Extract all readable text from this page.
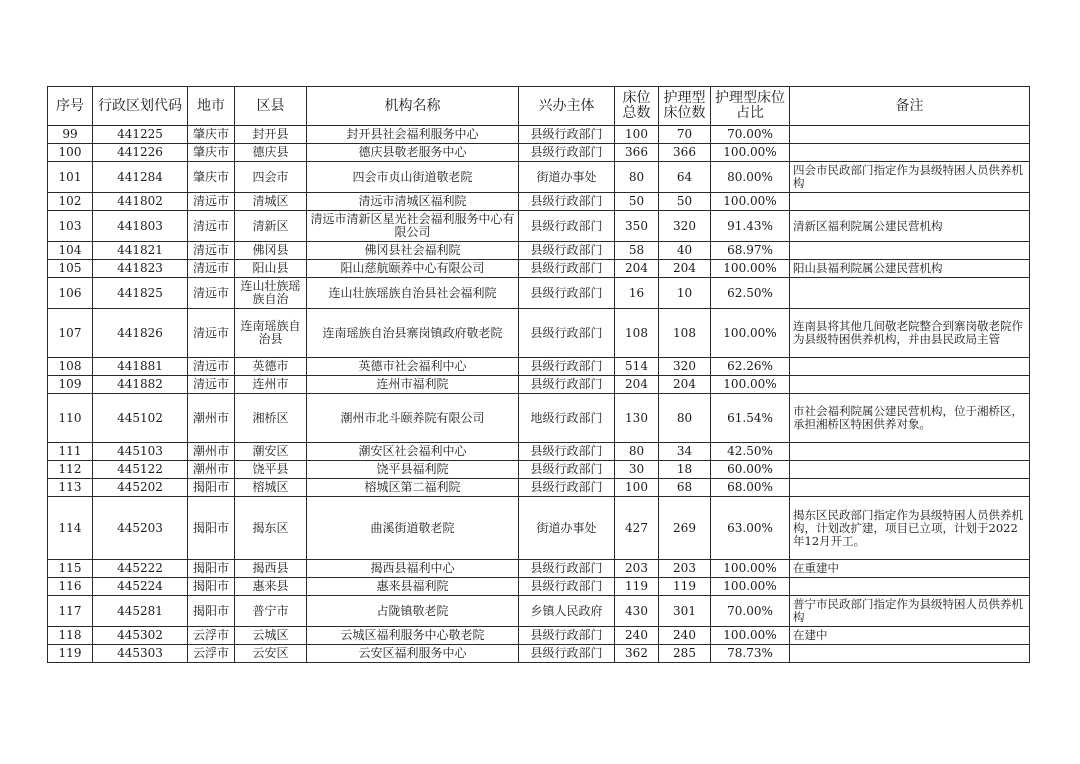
序号	行政区划代码	地市	区县	机构名称	兴办主体	床位总数	护理型床位数	护理型床位占比	备注
99	441225	肇庆市	封开县	封开县社会福利服务中心	县级行政部门	100	70	70.00%	
100	441226	肇庆市	德庆县	德庆县敬老服务中心	县级行政部门	366	366	100.00%	
101	441284	肇庆市	四会市	四会市贞山街道敬老院	街道办事处	80	64	80.00%	四会市民政部门指定作为县级特困人员供养机构
102	441802	清远市	清城区	清远市清城区福利院	县级行政部门	50	50	100.00%	
103	441803	清远市	清新区	清远市清新区星光社会福利服务中心有限公司	县级行政部门	350	320	91.43%	清新区福利院属公建民营机构
104	441821	清远市	佛冈县	佛冈县社会福利院	县级行政部门	58	40	68.97%	
105	441823	清远市	阳山县	阳山慈航颐养中心有限公司	县级行政部门	204	204	100.00%	阳山县福利院属公建民营机构
106	441825	清远市	连山壮族瑶族自治	连山壮族瑶族自治县社会福利院	县级行政部门	16	10	62.50%	
107	441826	清远市	连南瑶族自治县	连南瑶族自治县寨岗镇政府敬老院	县级行政部门	108	108	100.00%	连南县将其他几间敬老院整合到寨岗敬老院作为县级特困供养机构，并由县民政局主管
108	441881	清远市	英德市	英德市社会福利中心	县级行政部门	514	320	62.26%	
109	441882	清远市	连州市	连州市福利院	县级行政部门	204	204	100.00%	
110	445102	潮州市	湘桥区	潮州市北斗颐养院有限公司	地级行政部门	130	80	61.54%	市社会福利院属公建民营机构，位于湘桥区，承担湘桥区特困供养对象。
111	445103	潮州市	潮安区	潮安区社会福利中心	县级行政部门	80	34	42.50%	
112	445122	潮州市	饶平县	饶平县福利院	县级行政部门	30	18	60.00%	
113	445202	揭阳市	榕城区	榕城区第二福利院	县级行政部门	100	68	68.00%	
114	445203	揭阳市	揭东区	曲溪街道敬老院	街道办事处	427	269	63.00%	揭东区民政部门指定作为县级特困人员供养机构，计划改扩建，项目已立项，计划于2022年12月开工。
115	445222	揭阳市	揭西县	揭西县福利中心	县级行政部门	203	203	100.00%	在重建中
116	445224	揭阳市	惠来县	惠来县福利院	县级行政部门	119	119	100.00%	
117	445281	揭阳市	普宁市	占陇镇敬老院	乡镇人民政府	430	301	70.00%	普宁市民政部门指定作为县级特困人员供养机构
118	445302	云浮市	云城区	云城区福利服务中心敬老院	县级行政部门	240	240	100.00%	在建中
119	445303	云浮市	云安区	云安区福利服务中心	县级行政部门	362	285	78.73%	
